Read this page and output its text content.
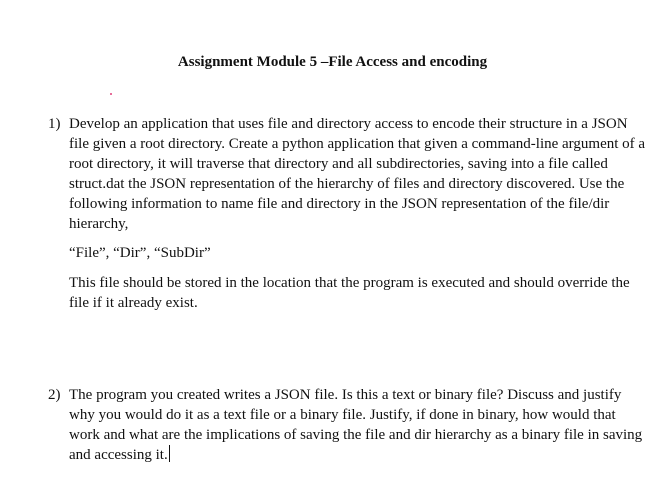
Assignment Module 5 –File Access and encoding
1) Develop an application that uses file and directory access to encode their structure in a JSON file given a root directory. Create a python application that given a command-line argument of a root directory, it will traverse that directory and all subdirectories, saving into a file called struct.dat the JSON representation of the hierarchy of files and directory discovered. Use the following information to name file and directory in the JSON representation of the file/dir hierarchy,

“File”, “Dir”, “SubDir”

This file should be stored in the location that the program is executed and should override the file if it already exist.

2) The program you created writes a JSON file. Is this a text or binary file? Discuss and justify why you would do it as a text file or a binary file. Justify, if done in binary, how would that work and what are the implications of saving the file and dir hierarchy as a binary file in saving and accessing it.
